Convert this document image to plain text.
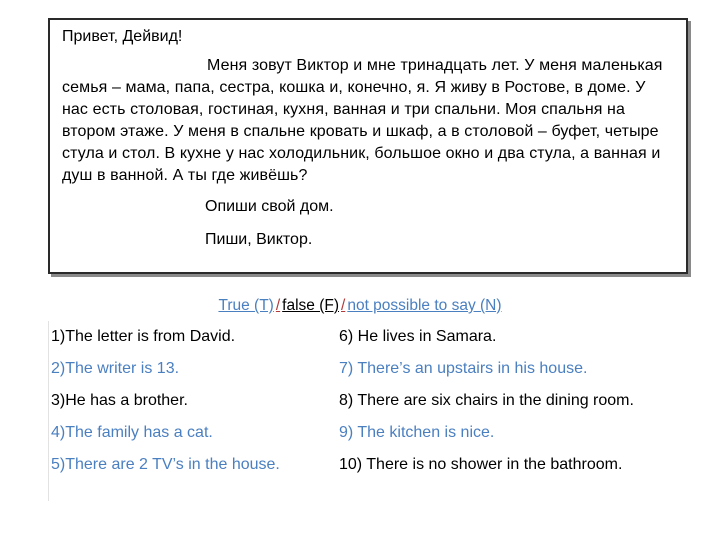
Привет, Дейвид!

Меня зовут Виктор и мне тринадцать лет. У меня маленькая семья – мама, папа, сестра, кошка и, конечно, я. Я живу в Ростове, в доме. У нас есть столовая, гостиная, кухня, ванная и три спальни. Моя спальня на втором этаже. У меня в спальне кровать и шкаф, а в столовой – буфет, четыре стула и стол. В кухне у нас холодильник, большое окно и два стула, а ванная и душ в ванной. А ты где живёшь?

Опиши свой дом.

Пиши, Виктор.

True (T) / false (F) / not possible to say (N)
1)The letter is from David.	6) He lives in Samara.
2)The writer is 13.	7) There’s an upstairs in his house.
3)He has a brother.	8) There are six chairs in the dining room.
4)The family has a cat.	9) The kitchen is nice.
5)There are 2 TV’s in the house.	10) There is no shower in the bathroom.
